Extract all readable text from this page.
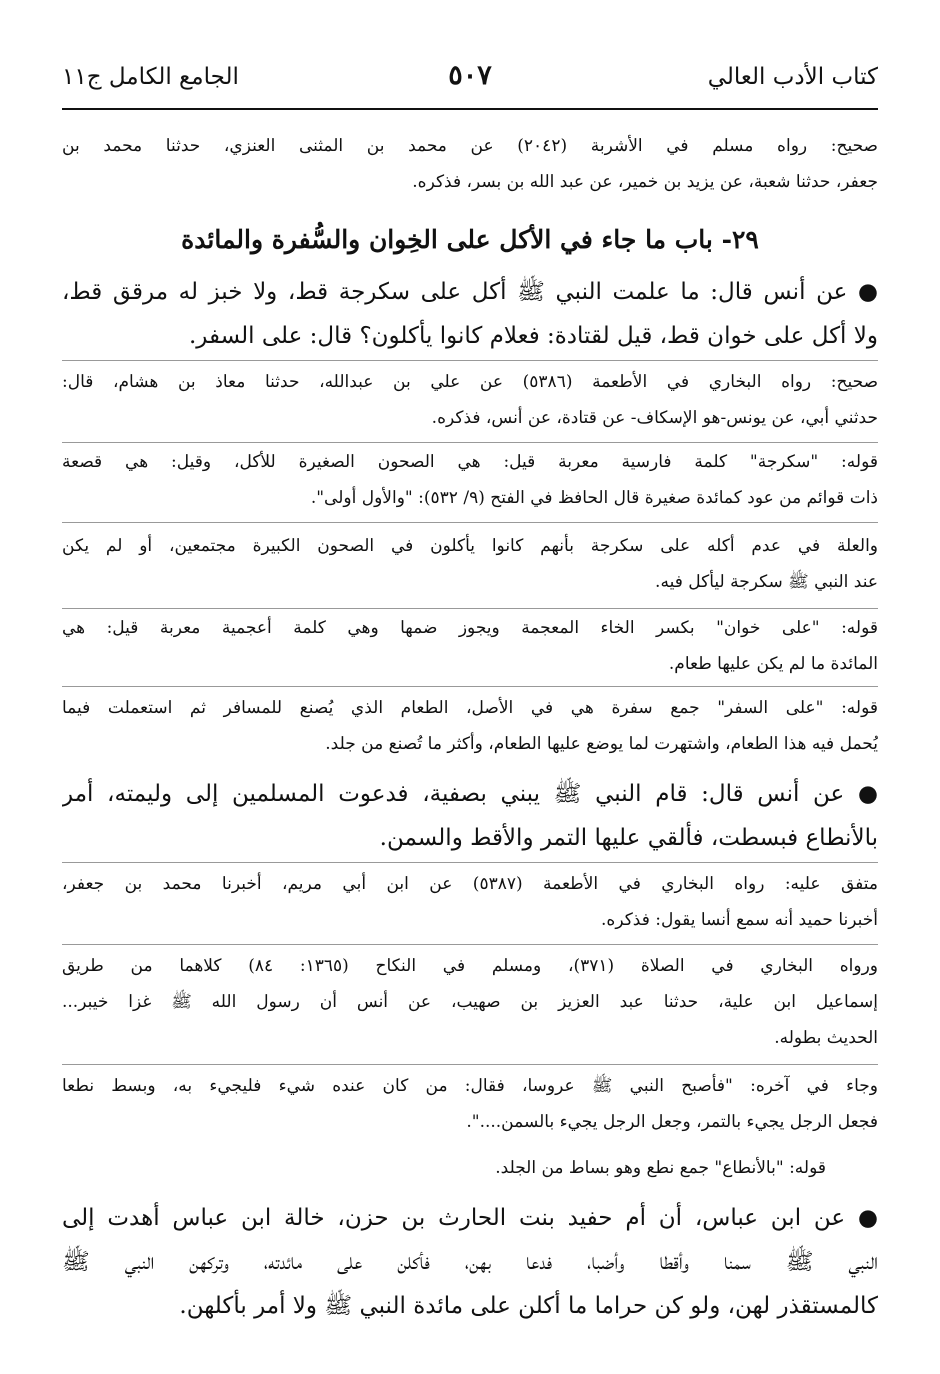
كتاب الأدب العالي
٥٠٧
الجامع الكامل ج١١
صحيح: رواه مسلم في الأشربة (٢٠٤٢) عن محمد بن المثنى العنزي، حدثنا محمد بن
جعفر، حدثنا شعبة، عن يزيد بن خمير، عن عبد الله بن بسر، فذكره.
٢٩- باب ما جاء في الأكل على الخِوان والسُّفرة والمائدة
● عن أنس قال: ما علمت النبي ﷺ أكل على سكرجة قط، ولا خبز له مرقق قط،
ولا أكل على خوان قط، قيل لقتادة: فعلام كانوا يأكلون؟ قال: على السفر.
صحيح: رواه البخاري في الأطعمة (٥٣٨٦) عن علي بن عبدالله، حدثنا معاذ بن هشام، قال:
حدثني أبي، عن يونس-هو الإسكاف- عن قتادة، عن أنس، فذكره.
قوله: "سكرجة" كلمة فارسية معربة قيل: هي الصحون الصغيرة للأكل، وقيل: هي قصعة
ذات قوائم من عود كمائدة صغيرة قال الحافظ في الفتح (٩/ ٥٣٢): "والأول أولى".
والعلة في عدم أكله على سكرجة بأنهم كانوا يأكلون في الصحون الكبيرة مجتمعين، أو لم يكن
عند النبي ﷺ سكرجة ليأكل فيه.
قوله: "على خوان" بكسر الخاء المعجمة ويجوز ضمها وهي كلمة أعجمية معربة قيل: هي
المائدة ما لم يكن عليها طعام.
قوله: "على السفر" جمع سفرة هي في الأصل، الطعام الذي يُصنع للمسافر ثم استعملت فيما
يُحمل فيه هذا الطعام، واشتهرت لما يوضع عليها الطعام، وأكثر ما تُصنع من جلد.
● عن أنس قال: قام النبي ﷺ يبني بصفية، فدعوت المسلمين إلى وليمته، أمر
بالأنطاع فبسطت، فألقي عليها التمر والأقط والسمن.
متفق عليه: رواه البخاري في الأطعمة (٥٣٨٧) عن ابن أبي مريم، أخبرنا محمد بن جعفر،
أخبرنا حميد أنه سمع أنسا يقول: فذكره.
ورواه البخاري في الصلاة (٣٧١)، ومسلم في النكاح (١٣٦٥: ٨٤) كلاهما من طريق
إسماعيل ابن علية، حدثنا عبد العزيز بن صهيب، عن أنس أن رسول الله ﷺ غزا خيبر...
الحديث بطوله.
وجاء في آخره: "فأصبح النبي ﷺ عروسا، فقال: من كان عنده شيء فليجيء به، وبسط نطعا
فجعل الرجل يجيء بالتمر، وجعل الرجل يجيء بالسمن....".
قوله: "بالأنطاع" جمع نطع وهو بساط من الجلد.
● عن ابن عباس، أن أم حفيد بنت الحارث بن حزن، خالة ابن عباس أهدت إلى
النبي ﷺ سمنا وأقطا وأضبا، فدعا بهن، فأكلن على مائدته، وتركهن النبي ﷺ
كالمستقذر لهن، ولو كن حراما ما أكلن على مائدة النبي ﷺ ولا أمر بأكلهن.
